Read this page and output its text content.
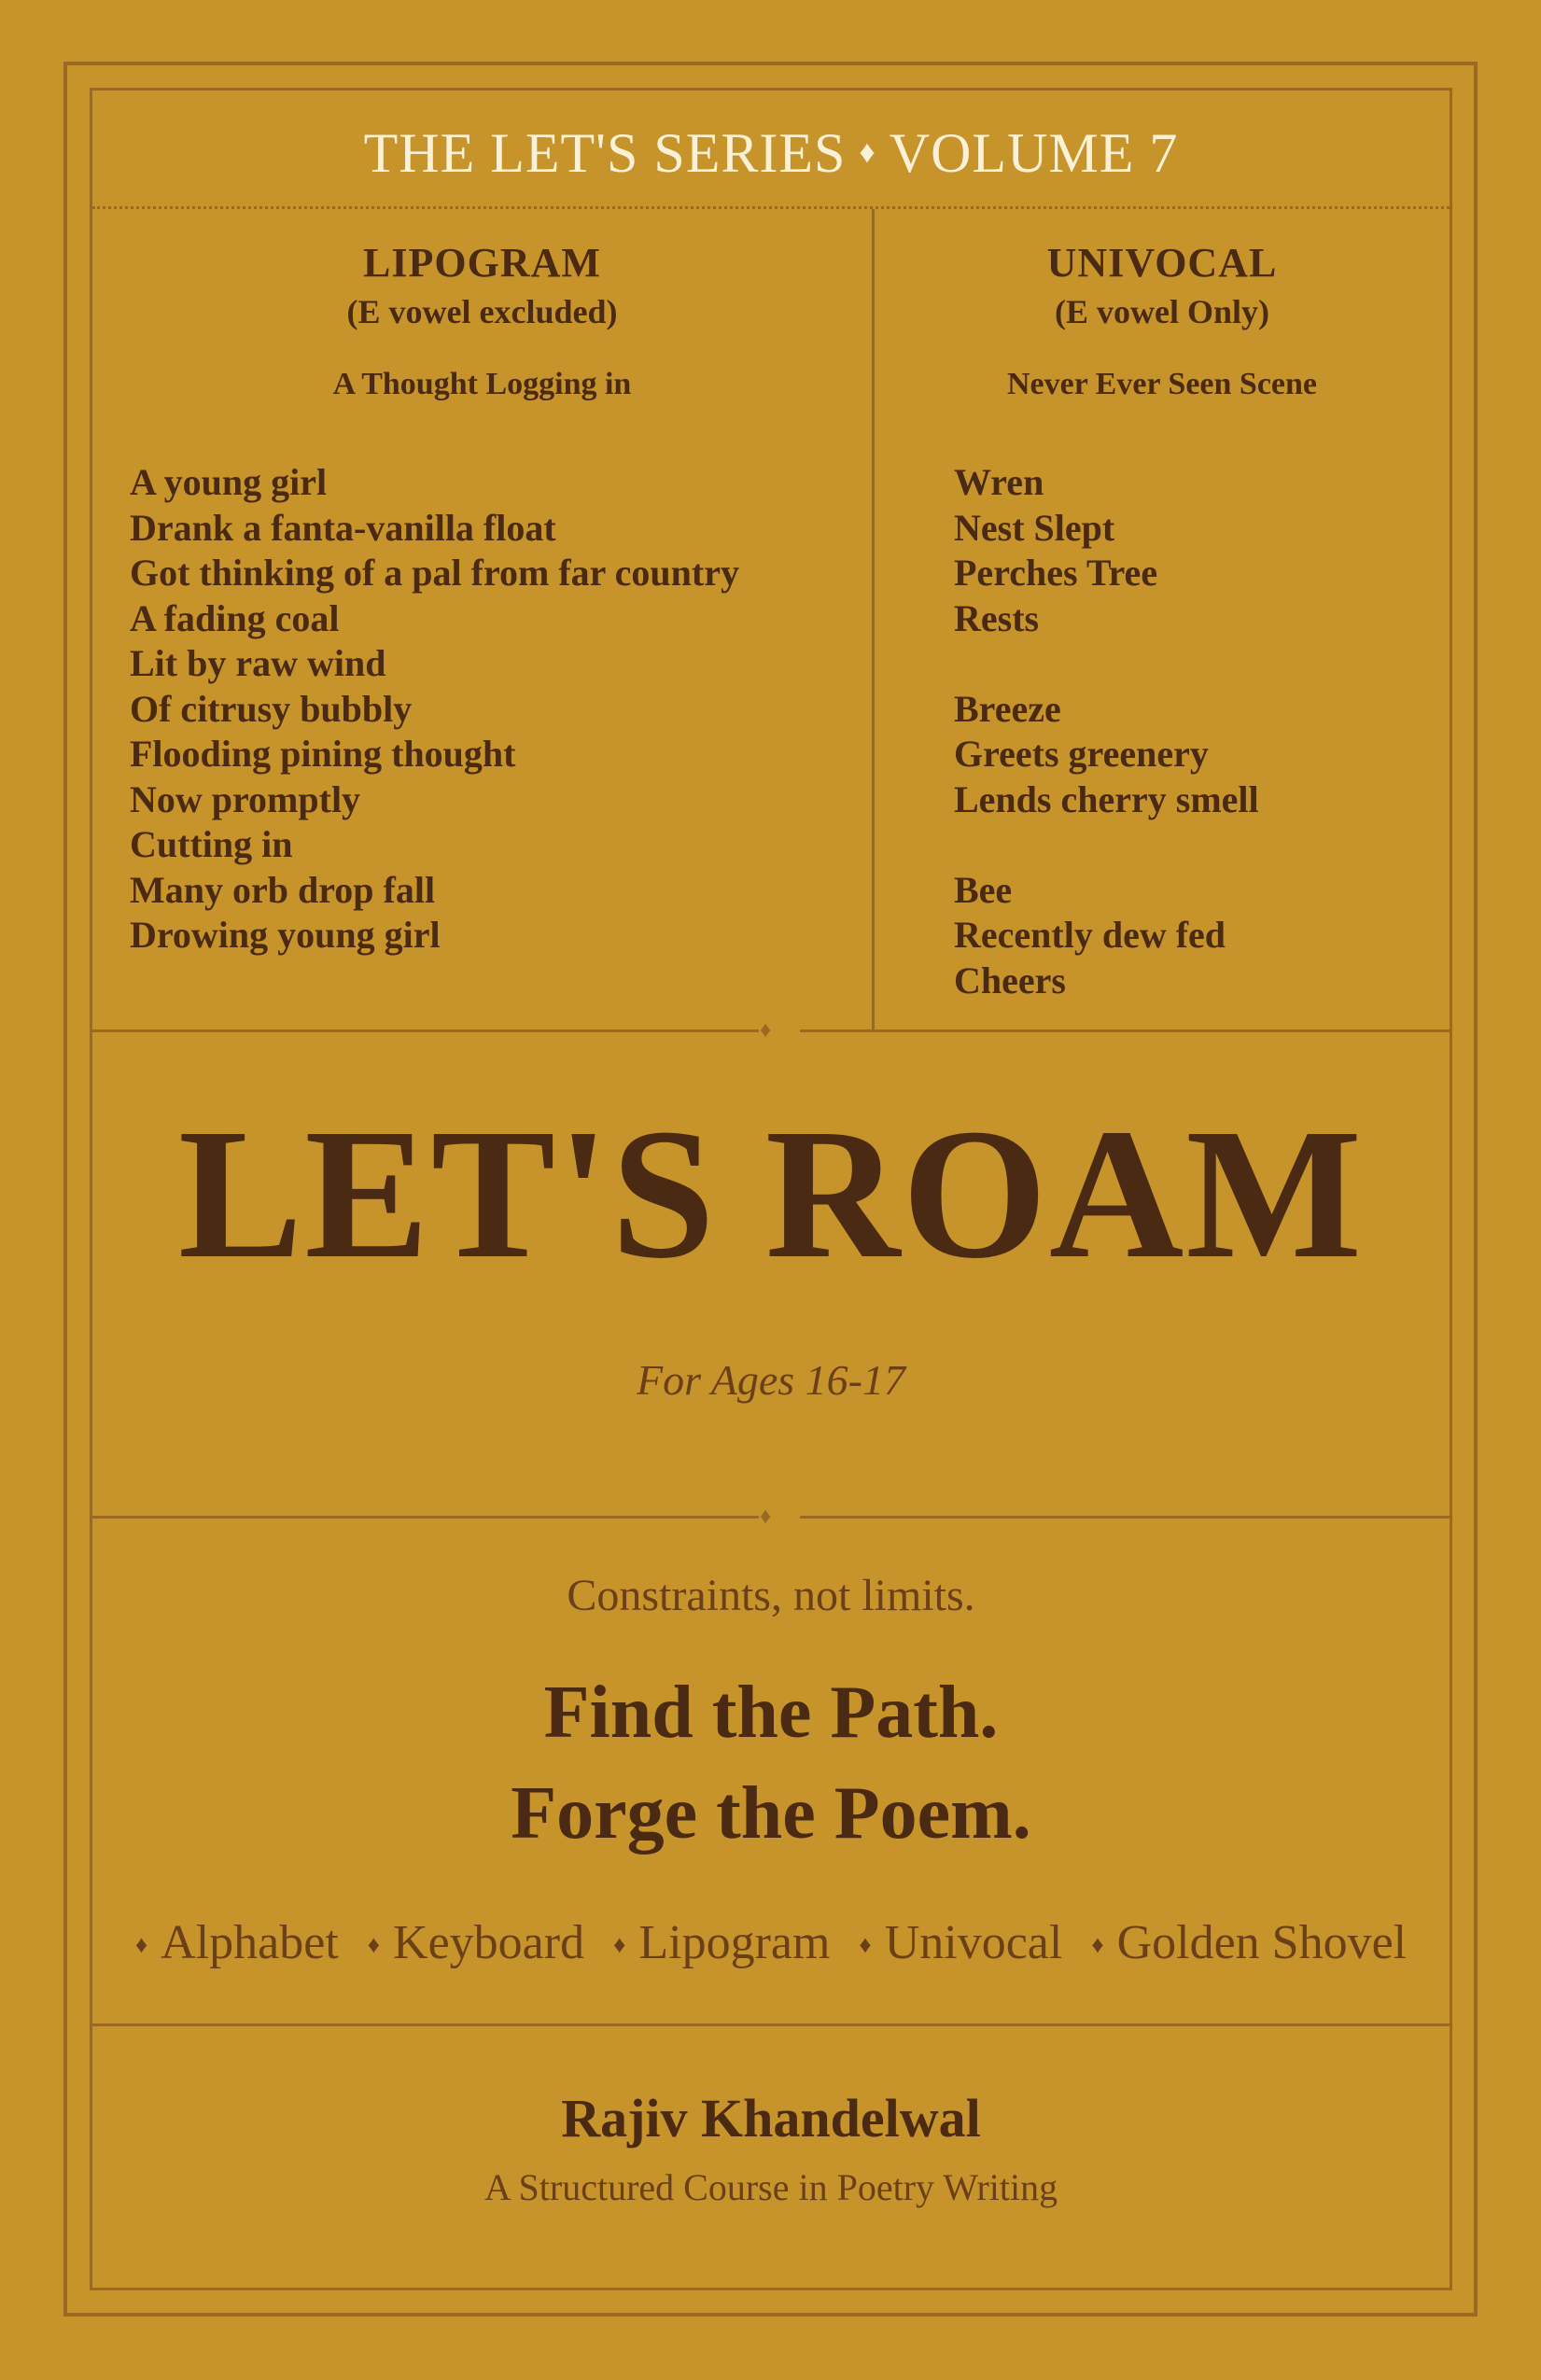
THE LET'S SERIES ♦ VOLUME 7
LIPOGRAM
(E vowel excluded)
A Thought Logging in
A young girl
Drank a fanta-vanilla float
Got thinking of a pal from far country
A fading coal
Lit by raw wind
Of citrusy bubbly
Flooding pining thought
Now promptly
Cutting in
Many orb drop fall
Drowing young girl
UNIVOCAL
(E vowel Only)
Never Ever Seen Scene
Wren
Nest Slept
Perches Tree
Rests
Breeze
Greets greenery
Lends cherry smell
Bee
Recently dew fed
Cheers
♦
LET'S ROAM
For Ages 16-17
♦
Constraints, not limits.
Find the Path.
Forge the Poem.
♦ Alphabet ♦ Keyboard ♦ Lipogram ♦ Univocal ♦ Golden Shovel
Rajiv Khandelwal
A Structured Course in Poetry Writing
